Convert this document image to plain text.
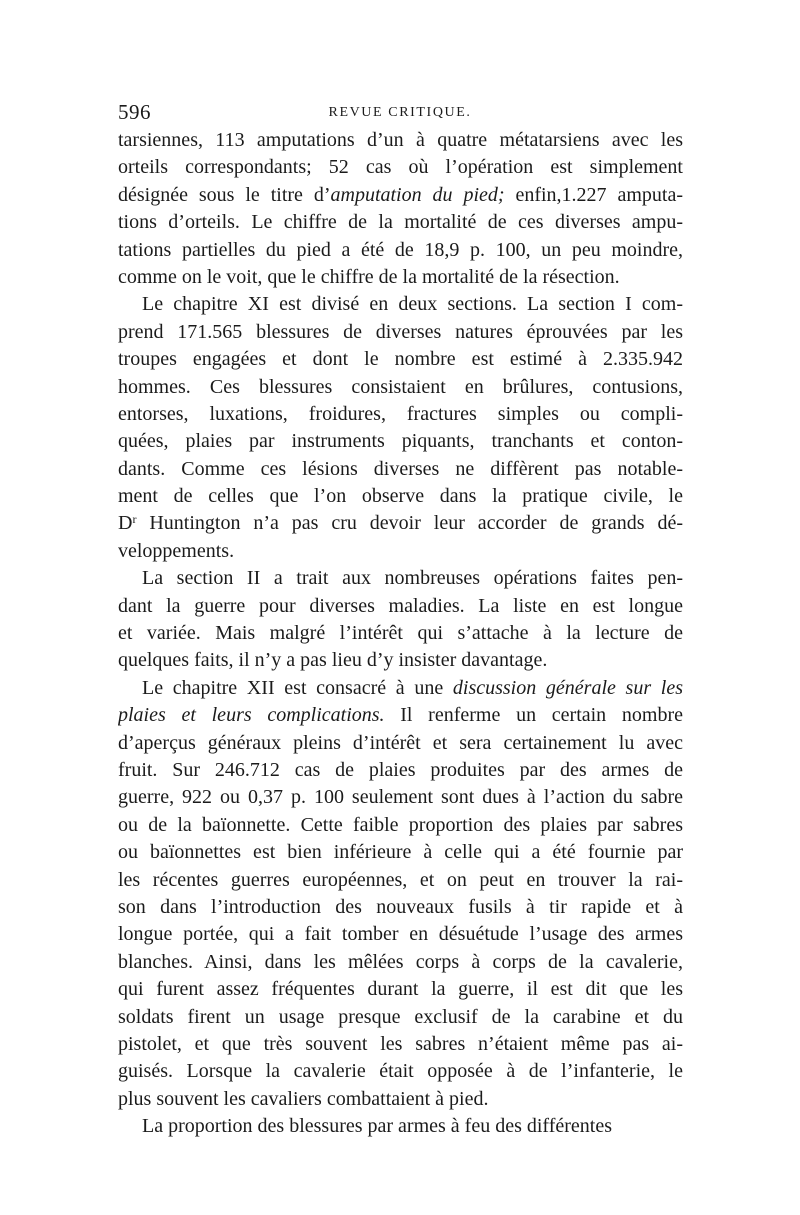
596	REVUE CRITIQUE.
tarsiennes, 113 amputations d’un à quatre métatarsiens avec les
orteils correspondants; 52 cas où l’opération est simplement
désignée sous le titre d’amputation du pied; enfin,1.227 amputa-
tions d’orteils. Le chiffre de la mortalité de ces diverses ampu-
tations partielles du pied a été de 18,9 p. 100, un peu moindre,
comme on le voit, que le chiffre de la mortalité de la résection.
Le chapitre XI est divisé en deux sections. La section I com-
prend 171.565 blessures de diverses natures éprouvées par les
troupes engagées et dont le nombre est estimé à 2.335.942
hommes. Ces blessures consistaient en brûlures, contusions,
entorses, luxations, froidures, fractures simples ou compli-
quées, plaies par instruments piquants, tranchants et conton-
dants. Comme ces lésions diverses ne diffèrent pas notable-
ment de celles que l’on observe dans la pratique civile, le
$D^r$ Huntington n’a pas cru devoir leur accorder de grands dé-
veloppements.
La section II a trait aux nombreuses opérations faites pen-
dant la guerre pour diverses maladies. La liste en est longue
et variée. Mais malgré l’intérêt qui s’attache à la lecture de
quelques faits, il n’y a pas lieu d’y insister davantage.
Le chapitre XII est consacré à une discussion générale sur les
plaies et leurs complications. Il renferme un certain nombre
d’aperçus généraux pleins d’intérêt et sera certainement lu avec
fruit. Sur 246.712 cas de plaies produites par des armes de
guerre, 922 ou 0,37 p. 100 seulement sont dues à l’action du sabre
ou de la baïonnette. Cette faible proportion des plaies par sabres
ou baïonnettes est bien inférieure à celle qui a été fournie par
les récentes guerres européennes, et on peut en trouver la rai-
son dans l’introduction des nouveaux fusils à tir rapide et à
longue portée, qui a fait tomber en désuétude l’usage des armes
blanches. Ainsi, dans les mêlées corps à corps de la cavalerie,
qui furent assez fréquentes durant la guerre, il est dit que les
soldats firent un usage presque exclusif de la carabine et du
pistolet, et que très souvent les sabres n’étaient même pas ai-
guisés. Lorsque la cavalerie était opposée à de l’infanterie, le
plus souvent les cavaliers combattaient à pied.
La proportion des blessures par armes à feu des différentes
